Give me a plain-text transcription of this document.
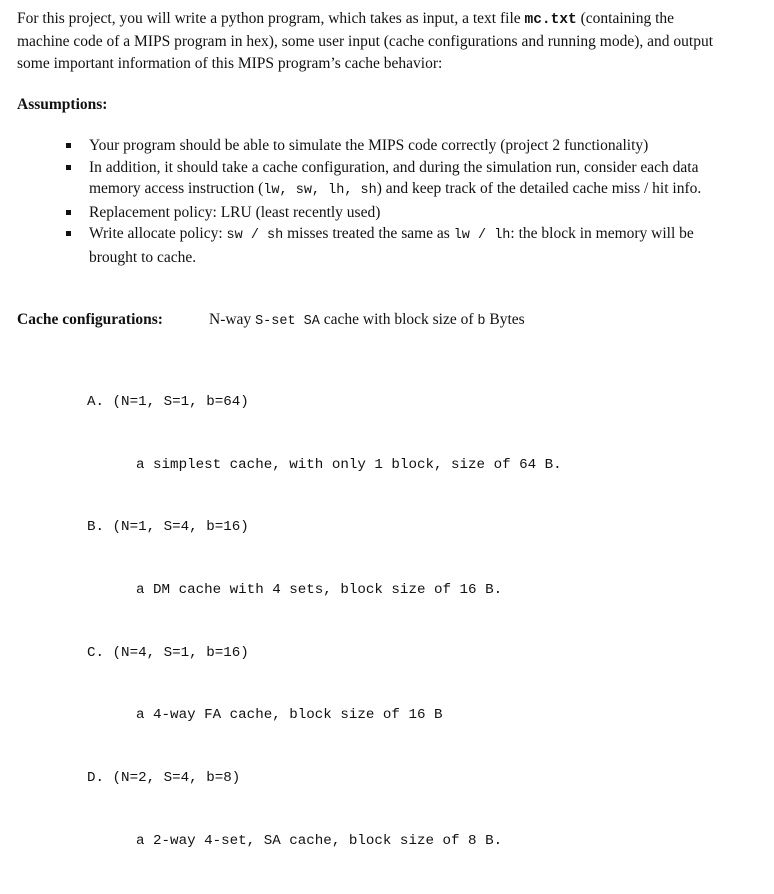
For this project, you will write a python program, which takes as input, a text file mc.txt (containing the machine code of a MIPS program in hex), some user input (cache configurations and running mode), and output some important information of this MIPS program’s cache behavior:
Assumptions:
Your program should be able to simulate the MIPS code correctly (project 2 functionality)
In addition, it should take a cache configuration, and during the simulation run, consider each data memory access instruction (lw, sw, lh, sh) and keep track of the detailed cache miss / hit info.
Replacement policy: LRU (least recently used)
Write allocate policy: sw / sh misses treated the same as lw / lh: the block in memory will be brought to cache.
Cache configurations:	N-way S-set SA cache with block size of b Bytes

A. (N=1, S=1, b=64)

a simplest cache, with only 1 block, size of 64 B.

B. (N=1, S=4, b=16)

a DM cache with 4 sets, block size of 16 B.

C. (N=4, S=1, b=16)

a 4-way FA cache, block size of 16 B

D. (N=2, S=4, b=8)

a 2-way 4-set, SA cache, block size of 8 B.
